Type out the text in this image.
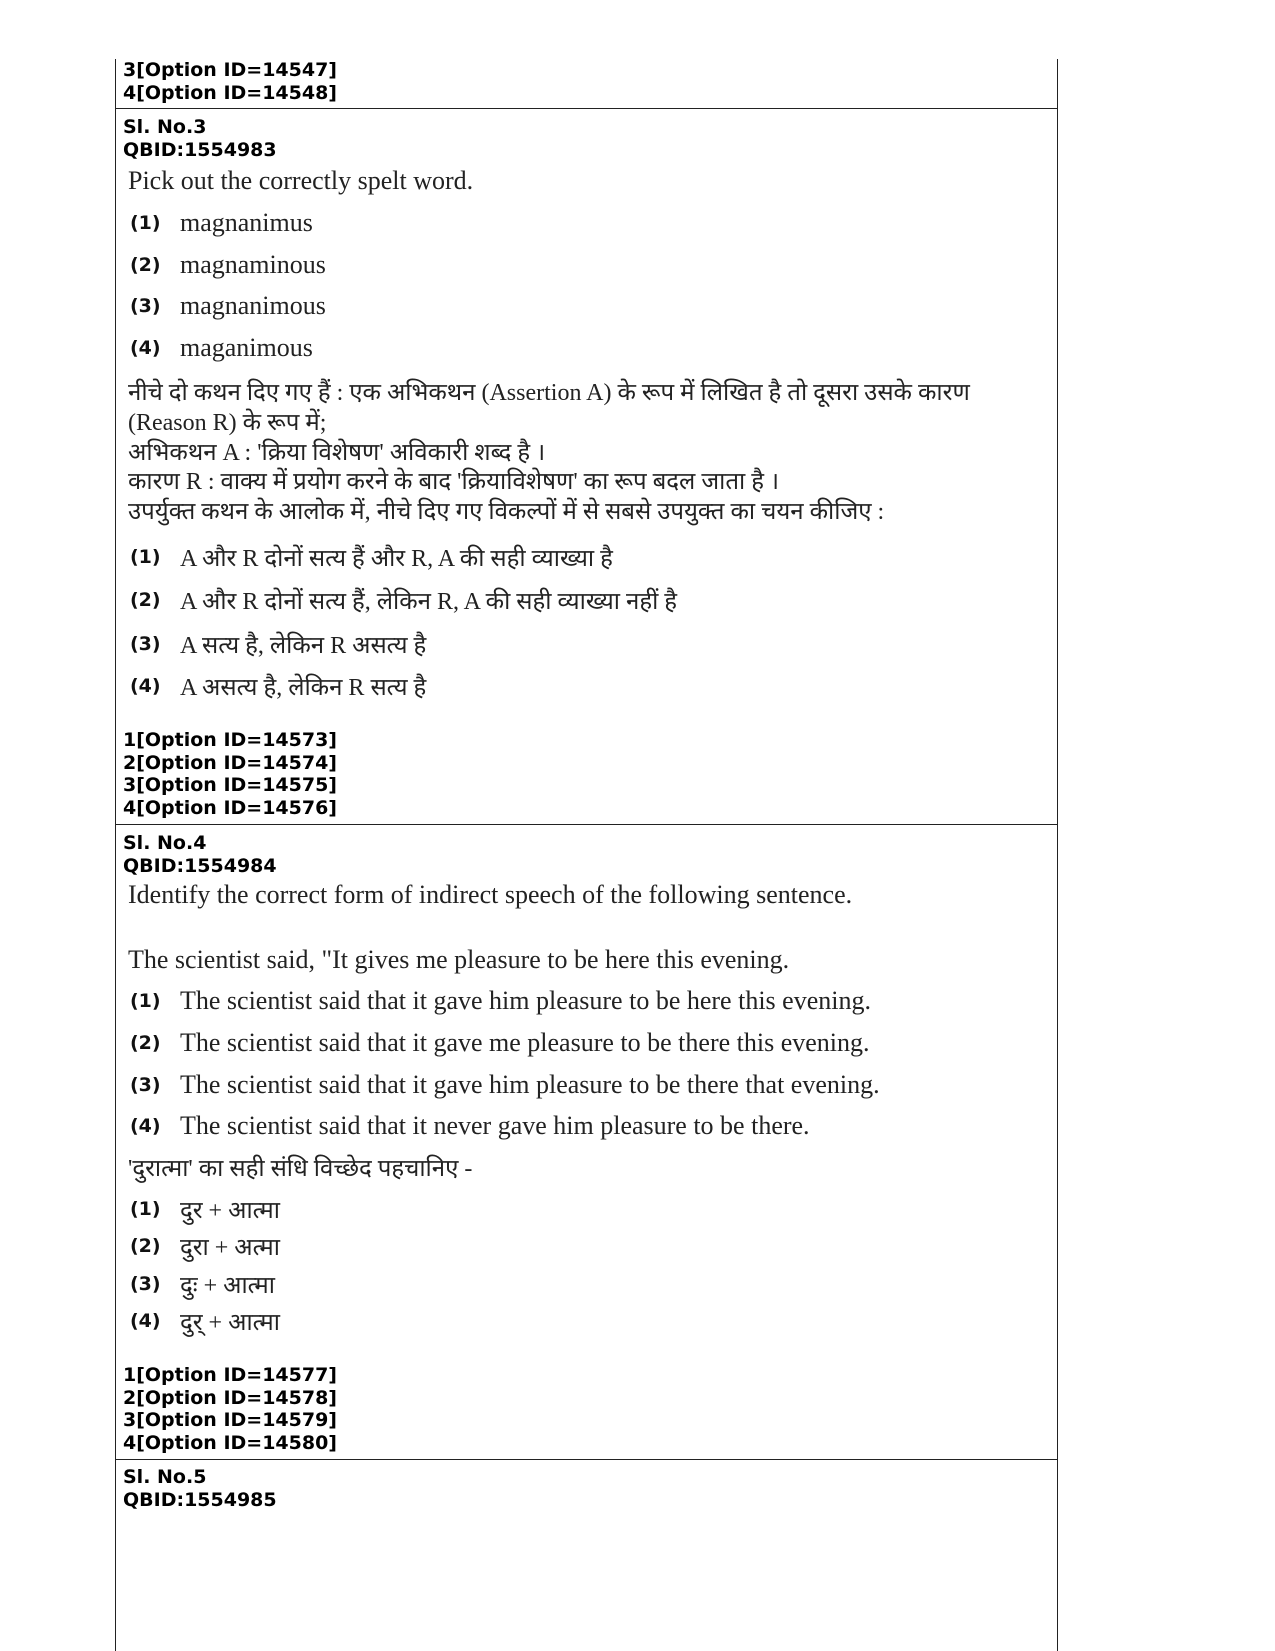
3[Option ID=14547]
4[Option ID=14548]
Sl. No.3
QBID:1554983
Pick out the correctly spelt word.
(1) magnanimus
(2) magnaminous
(3) magnanimous
(4) maganimous
नीचे दो कथन दिए गए हैं : एक अभिकथन (Assertion A) के रूप में लिखित है तो दूसरा उसके कारण
(Reason R) के रूप में;
अभिकथन A : 'क्रिया विशेषण' अविकारी शब्द है ।
कारण R : वाक्य में प्रयोग करने के बाद 'क्रियाविशेषण' का रूप बदल जाता है ।
उपर्युक्त कथन के आलोक में, नीचे दिए गए विकल्पों में से सबसे उपयुक्त का चयन कीजिए :
(1) A और R दोनों सत्य हैं और R, A की सही व्याख्या है
(2) A और R दोनों सत्य हैं, लेकिन R, A की सही व्याख्या नहीं है
(3) A सत्य है, लेकिन R असत्य है
(4) A असत्य है, लेकिन R सत्य है
1[Option ID=14573]
2[Option ID=14574]
3[Option ID=14575]
4[Option ID=14576]
Sl. No.4
QBID:1554984
Identify the correct form of indirect speech of the following sentence.
The scientist said, "It gives me pleasure to be here this evening.
(1) The scientist said that it gave him pleasure to be here this evening.
(2) The scientist said that it gave me pleasure to be there this evening.
(3) The scientist said that it gave him pleasure to be there that evening.
(4) The scientist said that it never gave him pleasure to be there.
'दुरात्मा' का सही संधि विच्छेद पहचानिए -
(1) दुर + आत्मा
(2) दुरा + अत्मा
(3) दुः + आत्मा
(4) दुर् + आत्मा
1[Option ID=14577]
2[Option ID=14578]
3[Option ID=14579]
4[Option ID=14580]
Sl. No.5
QBID:1554985
